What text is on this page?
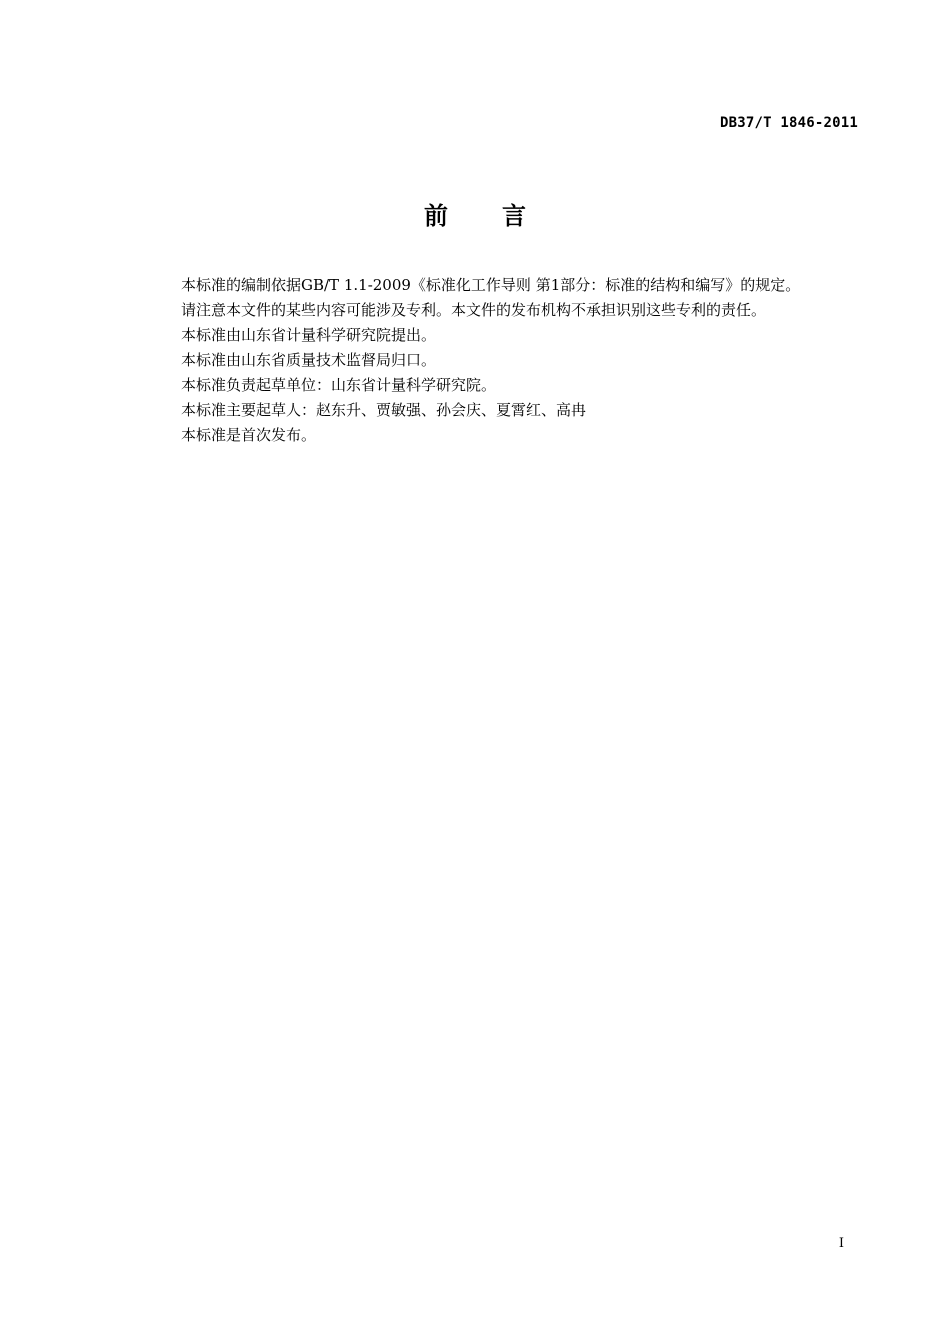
DB37/T 1846-2011
前言
本标准的编制依据GB/T 1.1-2009《标准化工作导则 第1部分：标准的结构和编写》的规定。
请注意本文件的某些内容可能涉及专利。本文件的发布机构不承担识别这些专利的责任。
本标准由山东省计量科学研究院提出。
本标准由山东省质量技术监督局归口。
本标准负责起草单位：山东省计量科学研究院。
本标准主要起草人：赵东升、贾敏强、孙会庆、夏霄红、高冉
本标准是首次发布。
I
